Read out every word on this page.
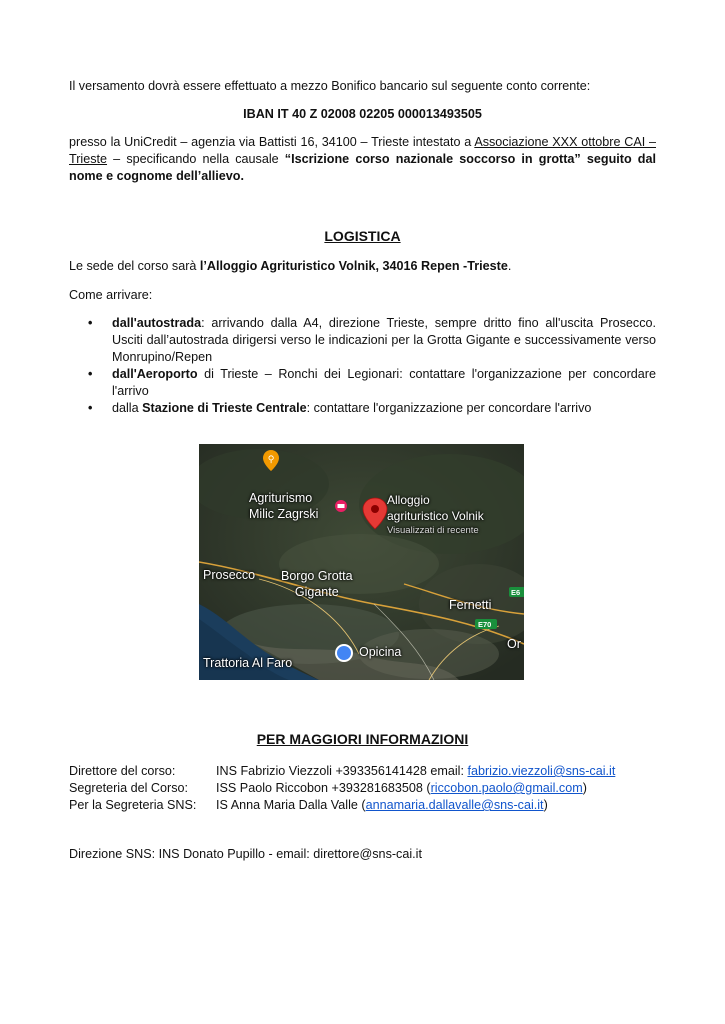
Il versamento dovrà essere effettuato a mezzo Bonifico bancario sul seguente conto corrente:
IBAN IT 40 Z 02008 02205 000013493505
presso la UniCredit – agenzia via Battisti 16, 34100 – Trieste intestato a Associazione XXX ottobre CAI – Trieste – specificando nella causale “Iscrizione corso nazionale soccorso in grotta” seguito dal nome e cognome dell’allievo.
LOGISTICA
Le sede del corso sarà l’Alloggio Agrituristico Volnik, 34016 Repen -Trieste.
Come arrivare:
• dall'autostrada: arrivando dalla A4, direzione Trieste, sempre dritto fino all'uscita Prosecco. Usciti dall’autostrada dirigersi verso le indicazioni per la Grotta Gigante e successivamente verso Monrupino/Repen
• dall'Aeroporto di Trieste – Ronchi dei Legionari: contattare l'organizzazione per concordare l'arrivo
• dalla Stazione di Trieste Centrale: contattare l'organizzazione per concordare l'arrivo
⚲
Agriturismo
Milic Zagrski
Alloggio
agrituristico Volnik
Visualizzati di recente
Prosecco Borgo Grotta
Gigante
Fernetti
E70
E6
Trattoria Al Faro
Opicina
Or
PER MAGGIORI INFORMAZIONI
Direttore del corso:	INS Fabrizio Viezzoli +393356141428 email: fabrizio.viezzoli@sns-cai.it
Segreteria del Corso: ISS Paolo Riccobon +393281683508 (riccobon.paolo@gmail.com)
Per la Segreteria SNS: IS Anna Maria Dalla Valle (annamaria.dallavalle@sns-cai.it)
Direzione SNS: INS Donato Pupillo - email: direttore@sns-cai.it
